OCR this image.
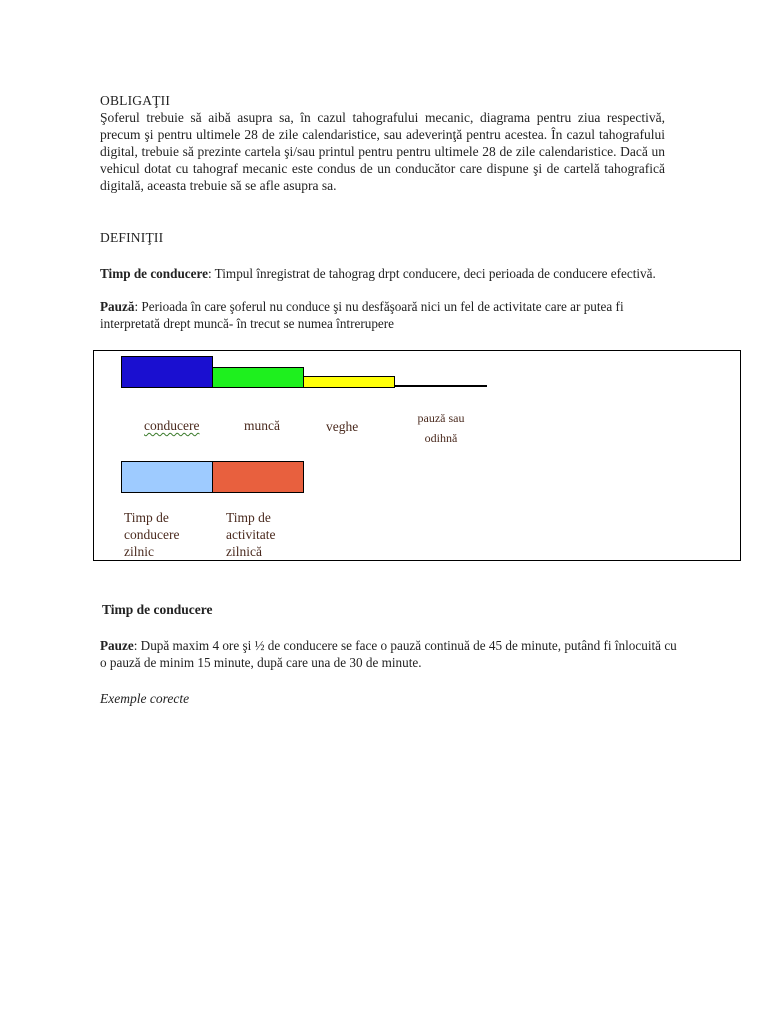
OBLIGAŢII
Şoferul trebuie să aibă asupra sa, în cazul tahografului mecanic, diagrama pentru ziua respectivă, precum şi pentru ultimele 28 de zile calendaristice, sau adeverinţă pentru acestea. În cazul tahografului digital, trebuie să prezinte cartela şi/sau printul pentru pentru ultimele 28 de zile calendaristice. Dacă un vehicul dotat cu tahograf mecanic este condus de un conducător care dispune şi de cartelă tahografică digitală, aceasta trebuie să se afle asupra sa.
DEFINIŢII
Timp de conducere: Timpul înregistrat de tahograg drpt conducere, deci perioada de conducere efectivă.
Pauză: Perioada în care şoferul nu conduce şi nu desfăşoară nici un fel de activitate care ar putea fi interpretată drept muncă- în trecut se numea întrerupere
conducere	muncă	veghe
pauză sau odihnă
Timp de conducere zilnic
Timp de activitate zilnică
Timp de conducere
Pauze: După maxim 4 ore şi ½ de conducere se face o pauză continuă de 45 de minute, putând fi înlocuită cu o pauză de minim 15 minute, după care una de 30 de minute.
Exemple corecte
